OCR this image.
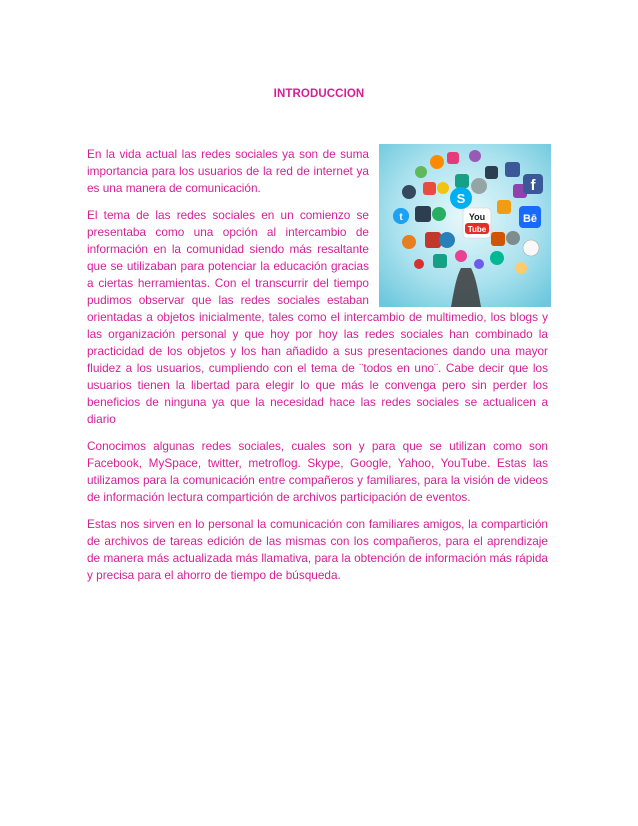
INTRODUCCION
S
f
t	You
Tube
Bē

En la vida actual las redes sociales ya son de suma importancia para los usuarios de la red de internet ya es una manera de comunicación.

El tema de las redes sociales en un comienzo se presentaba como una opción al intercambio de información en la comunidad siendo más resaltante que se utilizaban para potenciar la educación gracias a ciertas herramientas. Con el transcurrir del tiempo pudimos observar que las redes sociales estaban orientadas a objetos inicialmente, tales como el intercambio de multimedio, los blogs y las organización personal y que hoy por hoy las redes sociales han combinado la practicidad de los objetos y los han añadido a sus presentaciones dando una mayor fluidez a los usuarios, cumpliendo con el tema de ¨todos en uno¨. Cabe decir que los usuarios tienen la libertad para elegir lo que más le convenga pero sin perder los beneficios de ninguna ya que la necesidad hace las redes sociales se actualicen a diario

Conocimos algunas redes sociales, cuales son y para que se utilizan como son Facebook, MySpace, twitter, metroflog. Skype, Google, Yahoo, YouTube. Estas las utilizamos para la comunicación entre compañeros y familiares, para la visión de videos de información lectura compartición de archivos participación de eventos.

Estas nos sirven en lo personal la comunicación con familiares amigos, la compartición de archivos de tareas edición de las mismas con los compañeros, para el aprendizaje de manera más actualizada más llamativa, para la obtención de información más rápida y precisa para el ahorro de tiempo de búsqueda.
